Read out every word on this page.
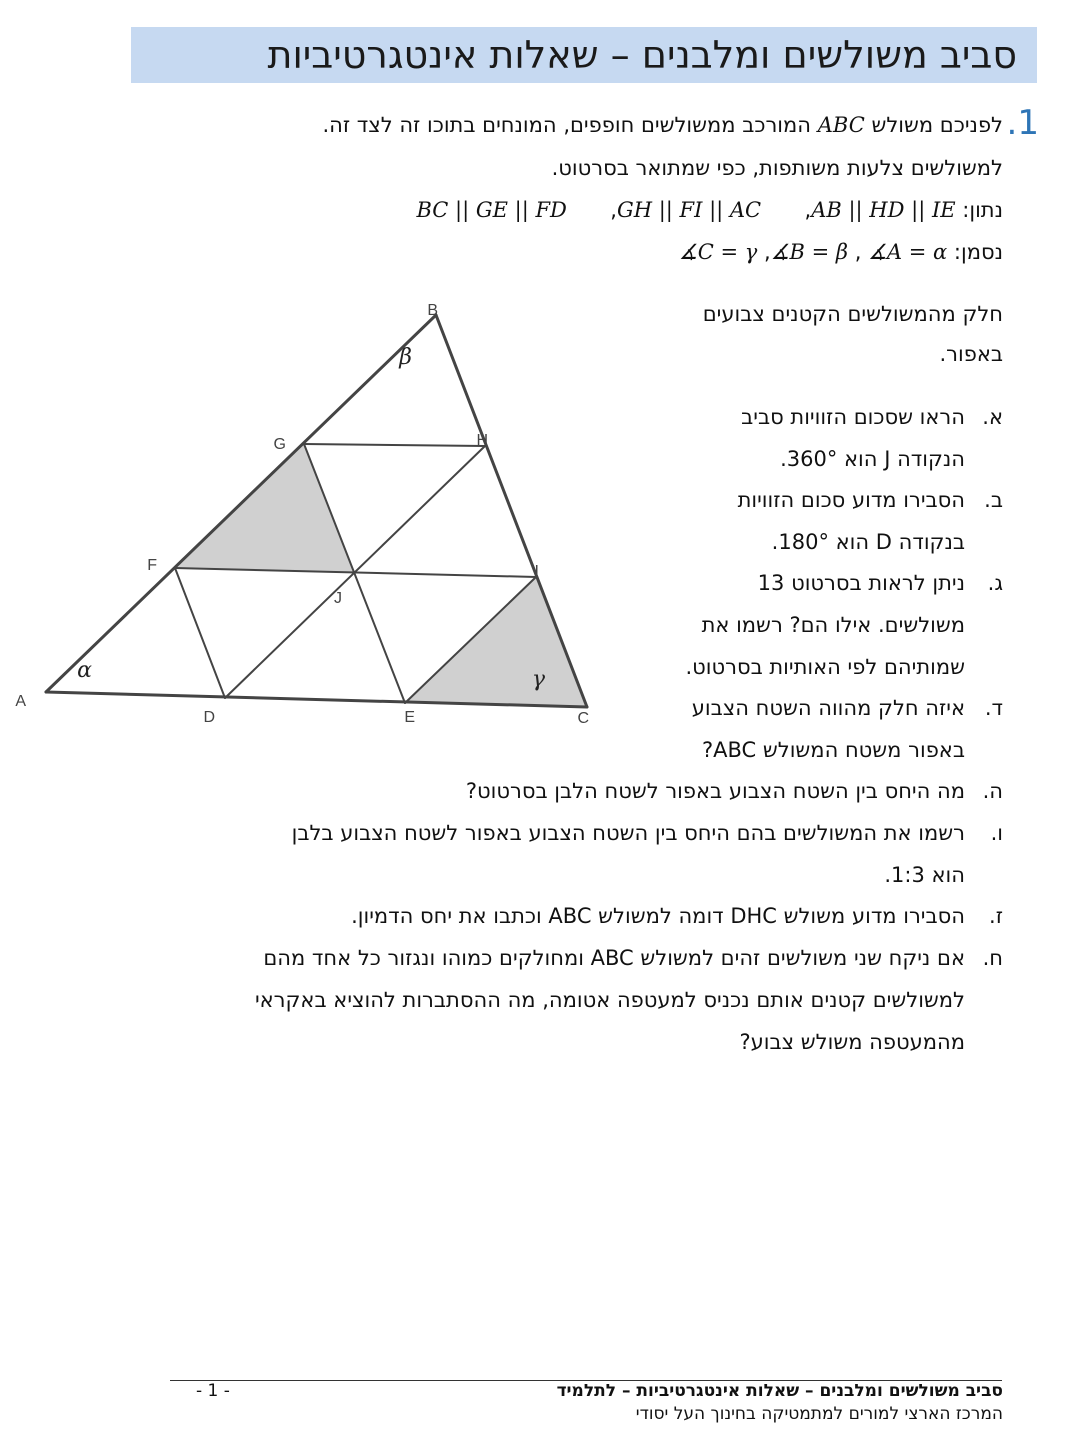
סביב משולשים ומלבנים – שאלות אינטגרטיביות
1.
לפניכם משולש ABC המורכב ממשולשים חופפים, המונחים בתוכו זה לצד זה.
למשולשים צלעות משותפות, כפי שמתואר בסרטוט.
נתון: AB || HD || IE,  GH || FI || AC,  BC || GE || FD
נסמן: ∡A = α , ∡B = β, ∡C = γ
חלק מהמשולשים הקטנים צבועים
באפור.
א.
הראו שסכום הזוויות סביב
הנקודה J הוא 360°.
ב.
הסבירו מדוע סכום הזוויות
בנקודה D הוא 180°.
ג.
ניתן לראות בסרטוט 13
משולשים. אילו הם? רשמו את
שמותיהם לפי האותיות בסרטוט.
ד.
איזה חלק מהווה השטח הצבוע
באפור משטח המשולש ABC?
ה.
מה היחס בין השטח הצבוע באפור לשטח הלבן בסרטוט?
ו.
רשמו את המשולשים בהם היחס בין השטח הצבוע באפור לשטח הצבוע בלבן
הוא 1:3.
ז.
הסבירו מדוע משולש DHC דומה למשולש ABC וכתבו את יחס הדמיון.
ח.
אם ניקח שני משולשים זהים למשולש ABC ומחולקים כמוהו ונגזור כל אחד מהם
למשולשים קטנים אותם נכניס למעטפה אטומה, מה ההסתברות להוציא באקראי
מהמעטפה משולש צבוע?
A
B
C
D	E
F
G	H
I
J
α
β
γ
סביב משולשים ומלבנים – שאלות אינטגרטיביות – לתלמיד
- 1 -
המרכז הארצי למורים למתמטיקה בחינוך העל יסודי
